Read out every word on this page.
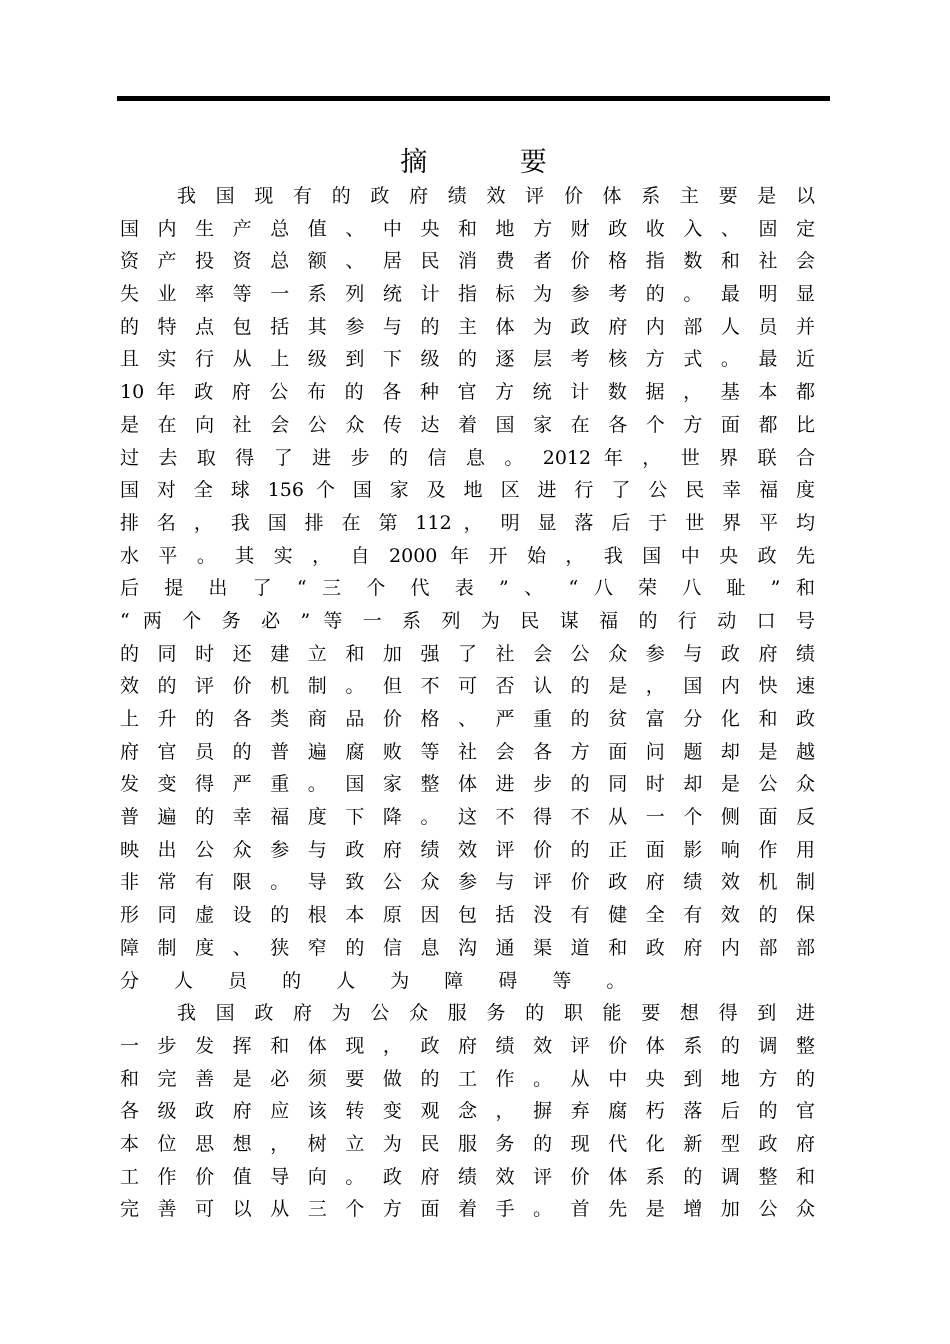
摘 要
我 国 现 有 的 政 府 绩 效 评 价 体 系 主 要 是 以
国 内 生 产 总 值 、 中 央 和 地 方 财 政 收 入 、 固 定
资 产 投 资 总 额 、 居 民 消 费 者 价 格 指 数 和 社 会
失 业 率 等 一 系 列 统 计 指 标 为 参 考 的 。 最 明 显
的 特 点 包 括 其 参 与 的 主 体 为 政 府 内 部 人 员 并
且 实 行 从 上 级 到 下 级 的 逐 层 考 核 方 式 。 最 近
10 年 政 府 公 布 的 各 种 官 方 统 计 数 据 ， 基 本 都
是 在 向 社 会 公 众 传 达 着 国 家 在 各 个 方 面 都 比
过 去 取 得 了 进 步 的 信 息 。 2012 年 ， 世 界 联 合
国 对 全 球 156 个 国 家 及 地 区 进 行 了 公 民 幸 福 度
排 名 ， 我 国 排 在 第 112 ， 明 显 落 后 于 世 界 平 均
水 平 。 其 实 ， 自 2000 年 开 始 ， 我 国 中 央 政 先
后 提 出 了 “ 三 个 代 表 ” 、 “ 八 荣 八 耻 ” 和
“ 两 个 务 必 ” 等 一 系 列 为 民 谋 福 的 行 动 口 号
的 同 时 还 建 立 和 加 强 了 社 会 公 众 参 与 政 府 绩
效 的 评 价 机 制 。 但 不 可 否 认 的 是 ， 国 内 快 速
上 升 的 各 类 商 品 价 格 、 严 重 的 贫 富 分 化 和 政
府 官 员 的 普 遍 腐 败 等 社 会 各 方 面 问 题 却 是 越
发 变 得 严 重 。 国 家 整 体 进 步 的 同 时 却 是 公 众
普 遍 的 幸 福 度 下 降 。 这 不 得 不 从 一 个 侧 面 反
映 出 公 众 参 与 政 府 绩 效 评 价 的 正 面 影 响 作 用
非 常 有 限 。 导 致 公 众 参 与 评 价 政 府 绩 效 机 制
形 同 虚 设 的 根 本 原 因 包 括 没 有 健 全 有 效 的 保
障 制 度 、 狭 窄 的 信 息 沟 通 渠 道 和 政 府 内 部 部
分 人 员 的 人 为 障 碍 等 。
我 国 政 府 为 公 众 服 务 的 职 能 要 想 得 到 进
一 步 发 挥 和 体 现 ， 政 府 绩 效 评 价 体 系 的 调 整
和 完 善 是 必 须 要 做 的 工 作 。 从 中 央 到 地 方 的
各 级 政 府 应 该 转 变 观 念 ， 摒 弃 腐 朽 落 后 的 官
本 位 思 想 ， 树 立 为 民 服 务 的 现 代 化 新 型 政 府
工 作 价 值 导 向 。 政 府 绩 效 评 价 体 系 的 调 整 和
完 善 可 以 从 三 个 方 面 着 手 。 首 先 是 增 加 公 众
